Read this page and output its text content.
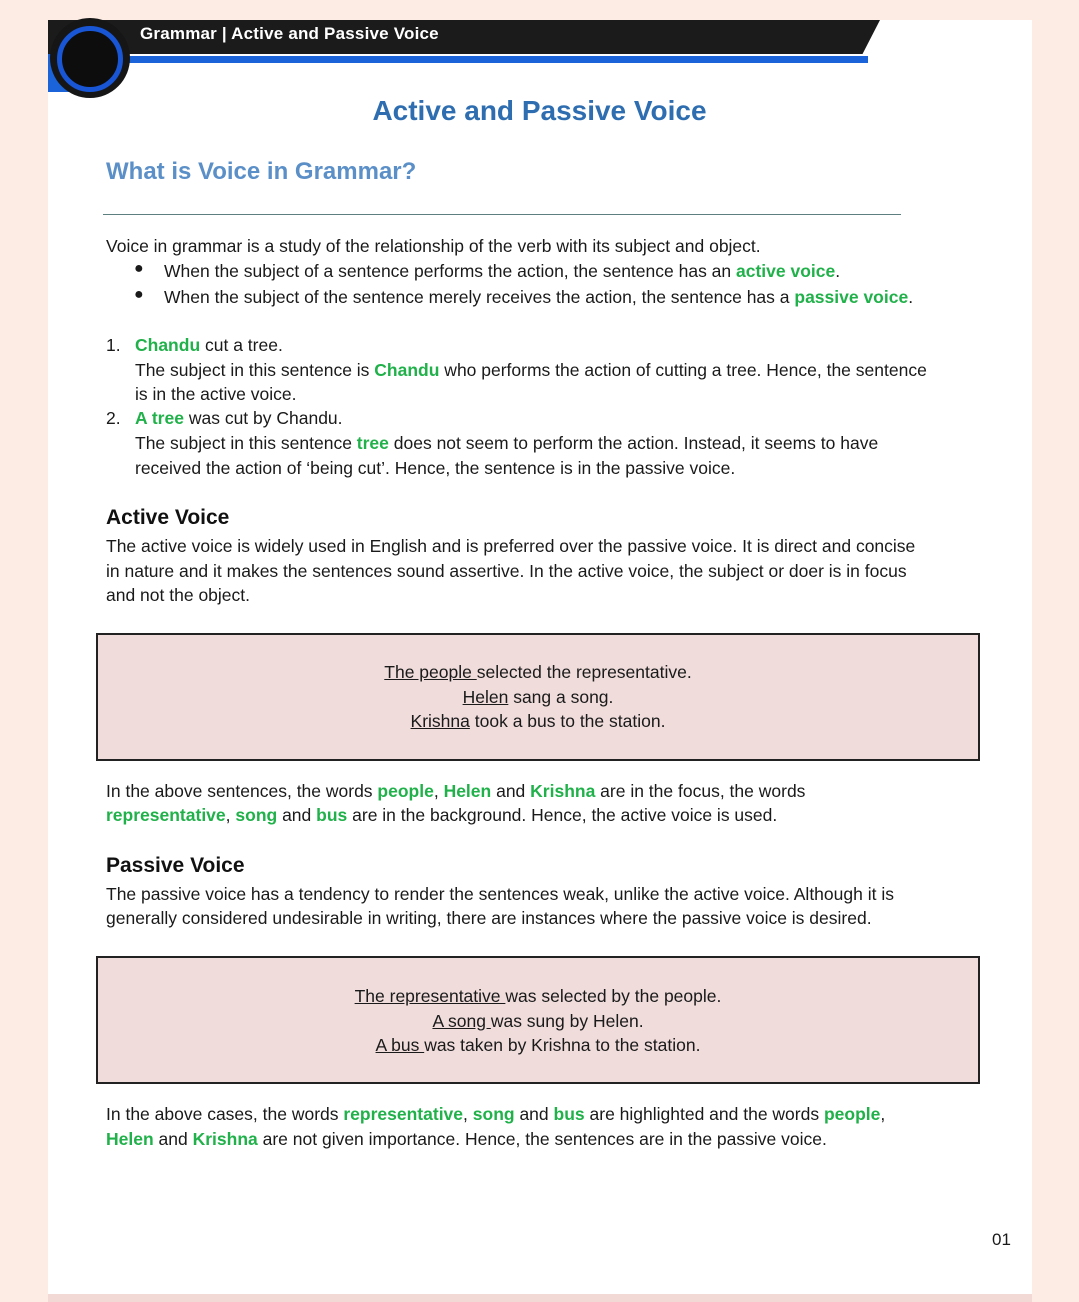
Grammar | Active and Passive Voice
Active and Passive Voice
What is Voice in Grammar?
Voice in grammar is a study of the relationship of the verb with its subject and object.
● When the subject of a sentence performs the action, the sentence has an active voice.
● When the subject of the sentence merely receives the action, the sentence has a passive voice.
1. Chandu cut a tree.
The subject in this sentence is Chandu who performs the action of cutting a tree. Hence, the sentence
is in the active voice.
2. A tree was cut by Chandu.
The subject in this sentence tree does not seem to perform the action. Instead, it seems to have
received the action of ‘being cut’. Hence, the sentence is in the passive voice.
Active Voice
The active voice is widely used in English and is preferred over the passive voice. It is direct and concise
in nature and it makes the sentences sound assertive. In the active voice, the subject or doer is in focus
and not the object.
The people selected the representative.
Helen sang a song.
Krishna took a bus to the station.
In the above sentences, the words people, Helen and Krishna are in the focus, the words
representative, song and bus are in the background. Hence, the active voice is used.
Passive Voice
The passive voice has a tendency to render the sentences weak, unlike the active voice. Although it is
generally considered undesirable in writing, there are instances where the passive voice is desired.
The representative was selected by the people.
A song was sung by Helen.
A bus was taken by Krishna to the station.
In the above cases, the words representative, song and bus are highlighted and the words people,
Helen and Krishna are not given importance. Hence, the sentences are in the passive voice.
01
